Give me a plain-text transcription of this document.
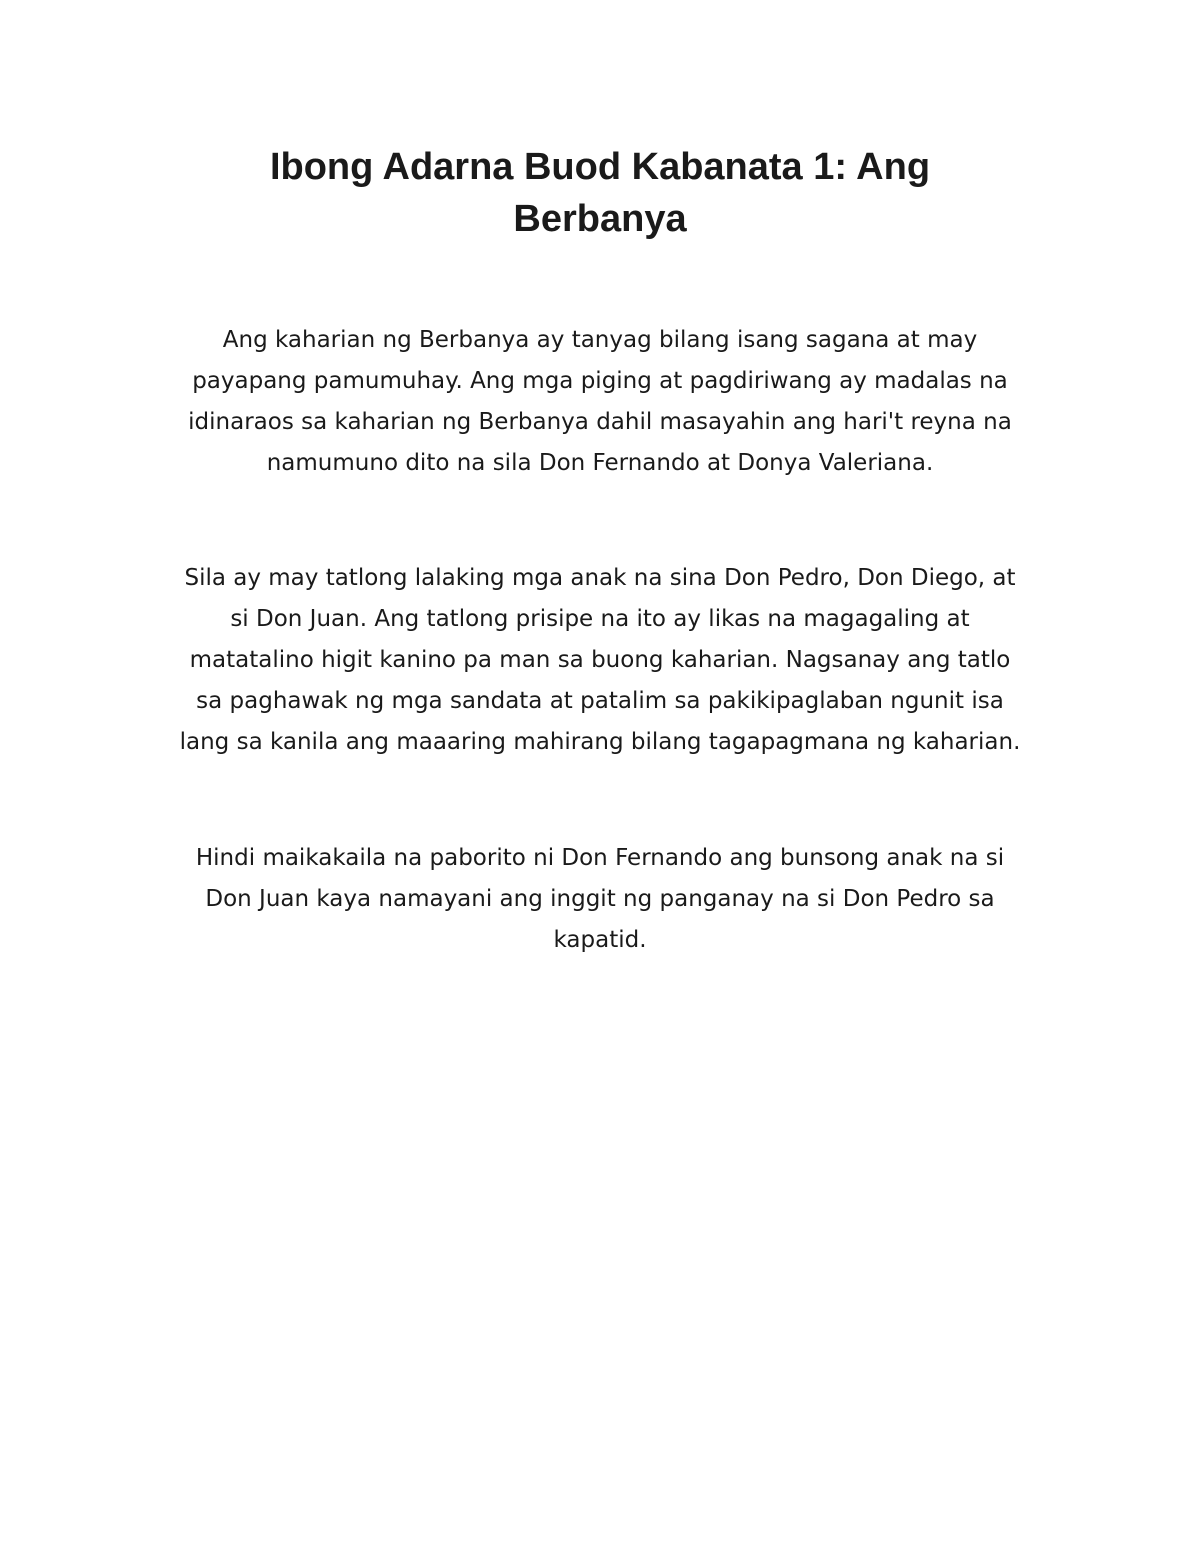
Ibong Adarna Buod Kabanata 1: Ang
Berbanya

Ang kaharian ng Berbanya ay tanyag bilang isang sagana at may
payapang pamumuhay. Ang mga piging at pagdiriwang ay madalas na
idinaraos sa kaharian ng Berbanya dahil masayahin ang hari't reyna na
namumuno dito na sila Don Fernando at Donya Valeriana.

Sila ay may tatlong lalaking mga anak na sina Don Pedro, Don Diego, at
si Don Juan. Ang tatlong prisipe na ito ay likas na magagaling at
matatalino higit kanino pa man sa buong kaharian. Nagsanay ang tatlo
sa paghawak ng mga sandata at patalim sa pakikipaglaban ngunit isa
lang sa kanila ang maaaring mahirang bilang tagapagmana ng kaharian.

Hindi maikakaila na paborito ni Don Fernando ang bunsong anak na si
Don Juan kaya namayani ang inggit ng panganay na si Don Pedro sa
kapatid.
